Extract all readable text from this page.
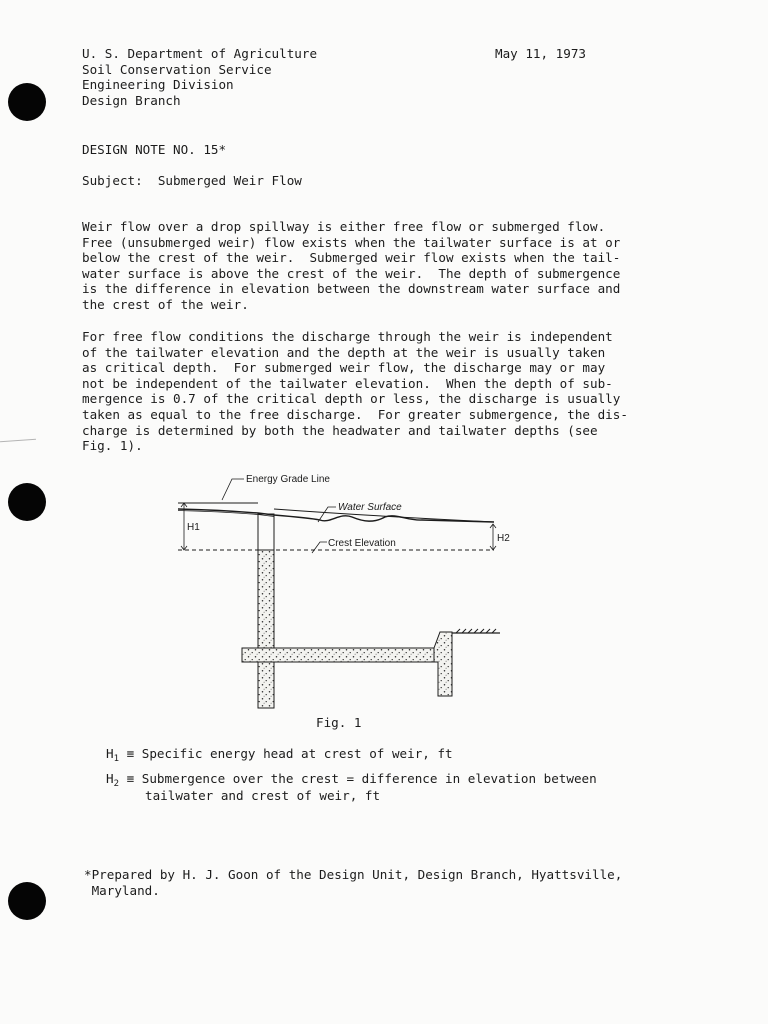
U. S. Department of Agriculture
Soil Conservation Service
Engineering Division
Design Branch
May 11, 1973
DESIGN NOTE NO. 15*
Subject:  Submerged Weir Flow
Weir flow over a drop spillway is either free flow or submerged flow.
Free (unsubmerged weir) flow exists when the tailwater surface is at or
below the crest of the weir.  Submerged weir flow exists when the tail-
water surface is above the crest of the weir.  The depth of submergence
is the difference in elevation between the downstream water surface and
the crest of the weir.
For free flow conditions the discharge through the weir is independent
of the tailwater elevation and the depth at the weir is usually taken
as critical depth.  For submerged weir flow, the discharge may or may
not be independent of the tailwater elevation.  When the depth of sub-
mergence is 0.7 of the critical depth or less, the discharge is usually
taken as equal to the free discharge.  For greater submergence, the dis-
charge is determined by both the headwater and tailwater depths (see
Fig. 1).
Energy Grade Line
Water Surface
Crest Elevation
H1
H2
Fig. 1
$H_1$ ≡ Specific energy head at crest of weir, ft
$H_2$ ≡ Submergence over the crest = difference in elevation between
tailwater and crest of weir, ft
*Prepared by H. J. Goon of the Design Unit, Design Branch, Hyattsville,
Maryland.
